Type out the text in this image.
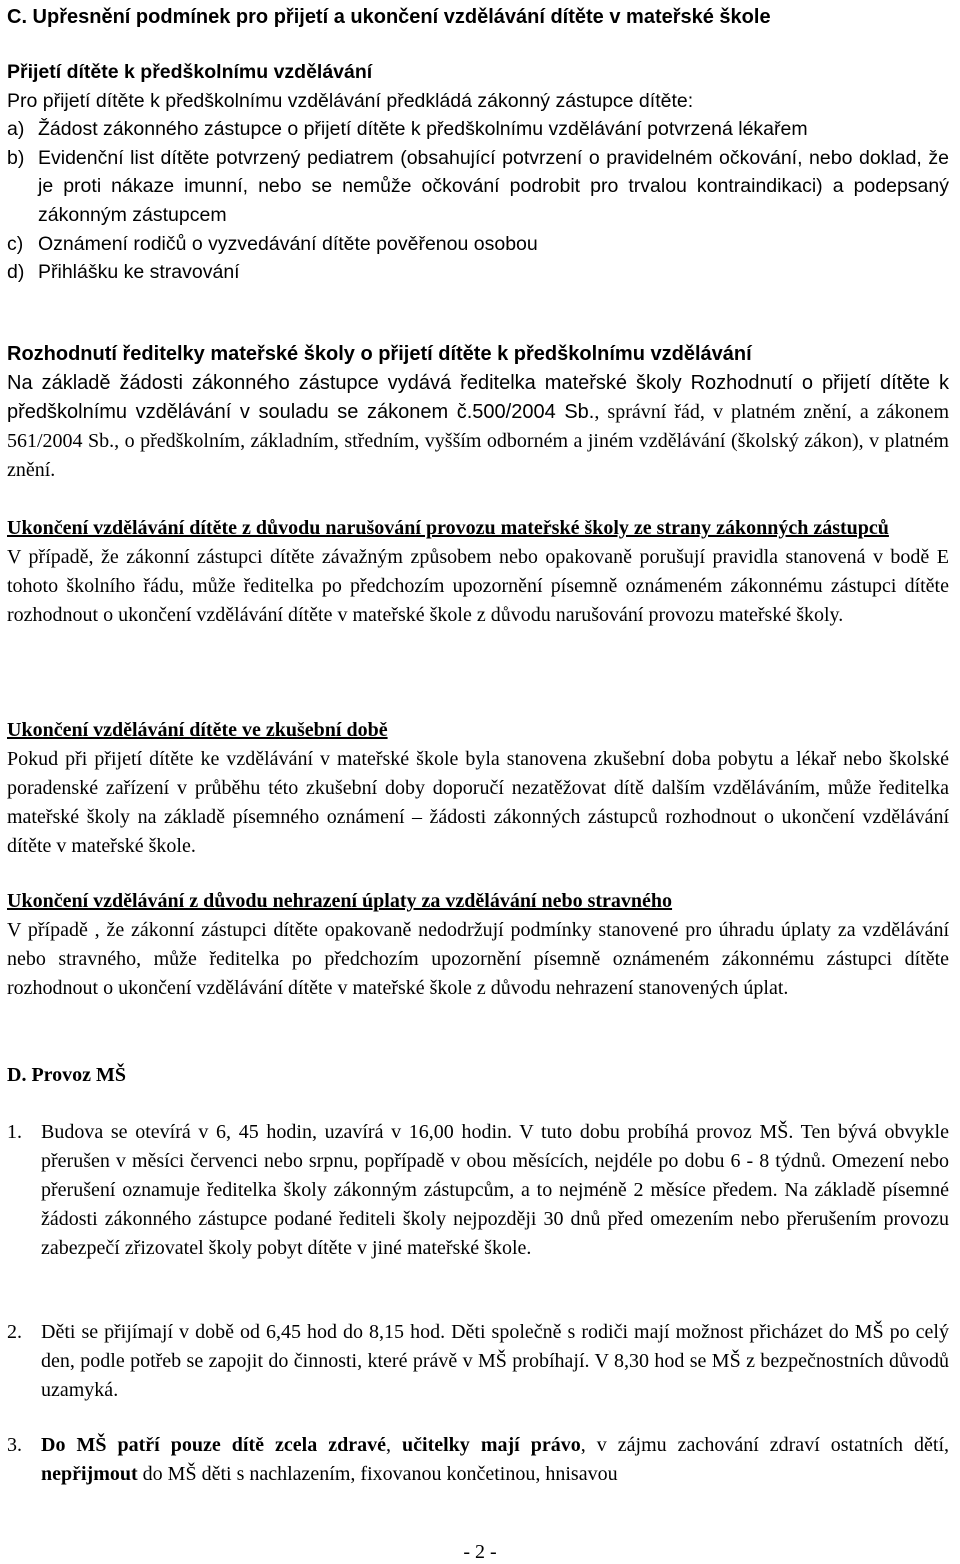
C. Upřesnění podmínek pro přijetí a ukončení vzdělávání dítěte v mateřské škole

Přijetí dítěte k předškolnímu vzdělávání

Pro přijetí dítěte k předškolnímu vzdělávání předkládá zákonný zástupce dítěte:

a) Žádost zákonného zástupce o přijetí dítěte k předškolnímu vzdělávání potvrzená lékařem
b) Evidenční list dítěte potvrzený pediatrem (obsahující potvrzení o pravidelném očkování, nebo doklad, že je proti nákaze imunní, nebo se nemůže očkování podrobit pro trvalou kontraindikaci) a podepsaný zákonným zástupcem
c) Oznámení rodičů o vyzvedávání dítěte pověřenou osobou
d) Přihlášku ke stravování

Rozhodnutí ředitelky mateřské školy o přijetí dítěte k předškolnímu vzdělávání

Na základě žádosti zákonného zástupce vydává ředitelka mateřské školy Rozhodnutí o přijetí dítěte k předškolnímu vzdělávání v souladu se zákonem č.500/2004 Sb., správní řád, v platném znění, a zákonem 561/2004 Sb., o předškolním, základním, středním, vyšším odborném a jiném vzdělávání (školský zákon), v platném znění.

Ukončení vzdělávání dítěte z důvodu narušování provozu mateřské školy ze strany zákonných zástupců

V případě, že zákonní zástupci dítěte závažným způsobem nebo opakovaně porušují pravidla stanovená v bodě E tohoto školního řádu, může ředitelka po předchozím upozornění písemně oznámeném zákonnému zástupci dítěte rozhodnout o ukončení vzdělávání dítěte v mateřské škole z důvodu narušování provozu mateřské školy.

Ukončení vzdělávání dítěte ve zkušební době

Pokud při přijetí dítěte ke vzdělávání v mateřské škole byla stanovena zkušební doba pobytu a lékař nebo školské poradenské zařízení v průběhu této zkušební doby doporučí nezatěžovat dítě dalším vzděláváním, může ředitelka mateřské školy na základě písemného oznámení – žádosti zákonných zástupců rozhodnout o ukončení vzdělávání dítěte v mateřské škole.

Ukončení vzdělávání z důvodu nehrazení úplaty za vzdělávání nebo stravného

V případě , že zákonní zástupci dítěte opakovaně nedodržují podmínky stanovené pro úhradu úplaty za vzdělávání nebo stravného, může ředitelka po předchozím upozornění písemně oznámeném zákonnému zástupci dítěte rozhodnout o ukončení vzdělávání dítěte v mateřské škole z důvodu nehrazení stanovených úplat.

D. Provoz MŠ
1. Budova se otevírá v 6, 45 hodin, uzavírá v 16,00 hodin. V tuto dobu probíhá provoz MŠ. Ten bývá obvykle přerušen v měsíci červenci nebo srpnu, popřípadě v obou měsících, nejdéle po dobu 6 - 8 týdnů. Omezení nebo přerušení oznamuje ředitelka školy zákonným zástupcům, a to nejméně 2 měsíce předem. Na základě písemné žádosti zákonného zástupce podané řediteli školy nejpozději 30 dnů před omezením nebo přerušením provozu zabezpečí zřizovatel školy pobyt dítěte v jiné mateřské škole.
2. Děti se přijímají v době od 6,45 hod do 8,15 hod. Děti společně s rodiči mají možnost přicházet do MŠ po celý den, podle potřeb se zapojit do činnosti, které právě v MŠ probíhají. V 8,30 hod se MŠ z bezpečnostních důvodů uzamyká.
3. Do MŠ patří pouze dítě zcela zdravé, učitelky mají právo, v zájmu zachování zdraví ostatních dětí, nepřijmout do MŠ děti s nachlazením, fixovanou končetinou, hnisavou
- 2 -
